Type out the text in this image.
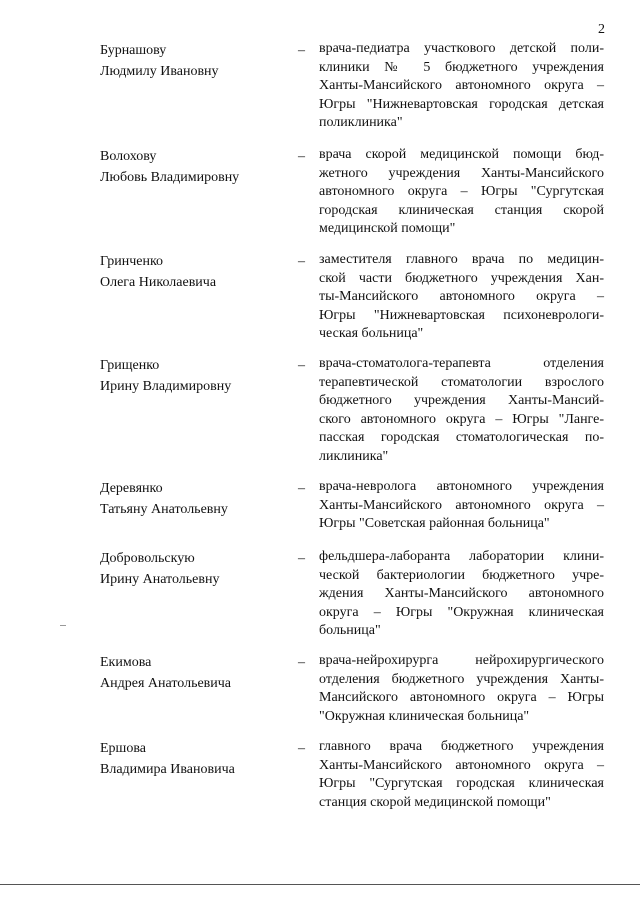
2
Бурнашову
Людмилу Ивановну
– врача-педиатра участкового детской поли-
клиники № 5 бюджетного учреждения
Ханты-Мансийского автономного округа –
Югры "Нижневартовская городская детская
поликлиника"
Волохову
Любовь Владимировну
– врача скорой медицинской помощи бюд-
жетного учреждения Ханты-Мансийского
автономного округа – Югры "Сургутская
городская клиническая станция скорой
медицинской помощи"
Гринченко
Олега Николаевича
– заместителя главного врача по медицин-
ской части бюджетного учреждения Хан-
ты-Мансийского автономного округа –
Югры "Нижневартовская психоневрологи-
ческая больница"
Грищенко
Ирину Владимировну
– врача-стоматолога-терапевта отделения
терапевтической стоматологии взрослого
бюджетного учреждения Ханты-Мансий-
ского автономного округа – Югры "Ланге-
пасская городская стоматологическая по-
ликлиника"
Деревянко
Татьяну Анатольевну
– врача-невролога автономного учреждения
Ханты-Мансийского автономного округа –
Югры "Советская районная больница"
Добровольскую
Ирину Анатольевну
– фельдшера-лаборанта лаборатории клини-
ческой бактериологии бюджетного учре-
ждения Ханты-Мансийского автономного
округа – Югры "Окружная клиническая
больница"
Екимова
Андрея Анатольевича
– врача-нейрохирурга нейрохирургического
отделения бюджетного учреждения Ханты-
Мансийского автономного округа – Югры
"Окружная клиническая больница"
Ершова
Владимира Ивановича
– главного врача бюджетного учреждения
Ханты-Мансийского автономного округа –
Югры "Сургутская городская клиническая
станция скорой медицинской помощи"
